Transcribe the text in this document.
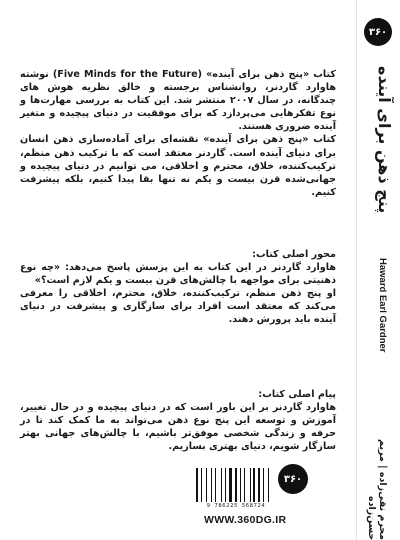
کتاب «پنج ذهن برای آینده» (Five Minds for the Future) نوشته هاوارد گاردنر، روانشناس برجسته و خالق نظریه هوش های چندگانه، در سال ۲۰۰۷ منتشر شد. این کتاب به بررسی مهارت‌ها و نوع تفکرهایی می‌پردازد که برای موفقیت در دنیای پیچیده و متغیر آینده ضروری هستند.

کتاب «پنج ذهن برای آینده» نقشه‌ای برای آماده‌سازی ذهن انسان برای دنیای آینده است. گاردنر معتقد است که با ترکیب ذهن منظم، ترکیب‌کننده، خلاق، محترم و اخلاقی، می توانیم در دنیای پیچیده و جهانی‌شده قرن بیست و یکم نه تنها بقا پیدا کنیم، بلکه پیشرفت کنیم.

محور اصلی کتاب:

هاوارد گاردنر در این کتاب به این پرسش پاسخ می‌دهد: «چه نوع ذهنیتی برای مواجهه با چالش‌های قرن بیست و یکم لازم است؟»

او پنج ذهن منظم، ترکیب‌کننده، خلاق، محترم، اخلاقی را معرفی می‌کند که معتقد است افراد برای سازگاری و پیشرفت در دنیای آینده باید پرورش دهند.

پیام اصلی کتاب:

هاوارد گاردنر بر این باور است که در دنیای پیچیده و در حال تغییر، آموزش و توسعه این پنج نوع ذهن می‌تواند به ما کمک کند تا در حرفه و زندگی شخصی موفق‌تر باشیم، با چالش‌های جهانی بهتر سازگار شویم، دنیای بهتری بسازیم.

9 786225 568724
۳۶۰
WWW.360DG.IR
۳۶۰
پنج ذهن برای آینده
Haward Earl Gardner
محرم نقی‌زاده | مریم حسن‌زاده
